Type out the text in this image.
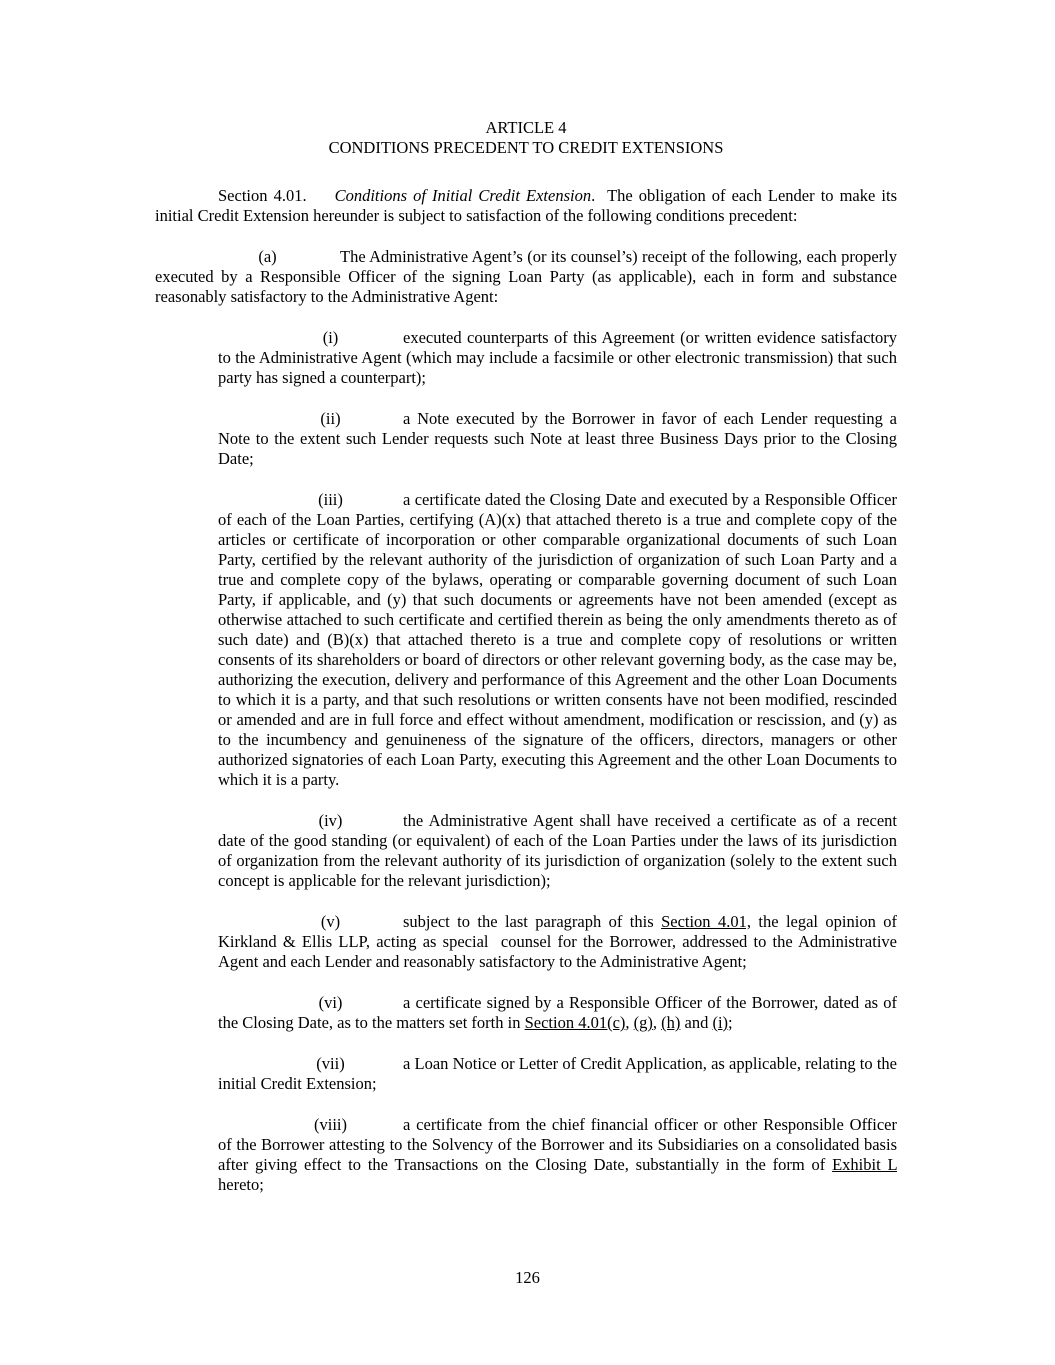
ARTICLE 4
CONDITIONS PRECEDENT TO CREDIT EXTENSIONS

Section 4.01. Conditions of Initial Credit Extension.  The obligation of each Lender to make its initial Credit Extension hereunder is subject to satisfaction of the following conditions precedent:

(a)	The Administrative Agent’s (or its counsel’s) receipt of the following, each properly executed by a Responsible Officer of the signing Loan Party (as applicable), each in form and substance reasonably satisfactory to the Administrative Agent:

(i)	executed counterparts of this Agreement (or written evidence satisfactory to the Administrative Agent (which may include a facsimile or other electronic transmission) that such party has signed a counterpart);

(ii)	a Note executed by the Borrower in favor of each Lender requesting a Note to the extent such Lender requests such Note at least three Business Days prior to the Closing Date;

(iii)	a certificate dated the Closing Date and executed by a Responsible Officer of each of the Loan Parties, certifying (A)(x) that attached thereto is a true and complete copy of the articles or certificate of incorporation or other comparable organizational documents of such Loan Party, certified by the relevant authority of the jurisdiction of organization of such Loan Party and a true and complete copy of the bylaws, operating or comparable governing document of such Loan Party, if applicable, and (y) that such documents or agreements have not been amended (except as otherwise attached to such certificate and certified therein as being the only amendments thereto as of such date) and (B)(x) that attached thereto is a true and complete copy of resolutions or written consents of its shareholders or board of directors or other relevant governing body, as the case may be, authorizing the execution, delivery and performance of this Agreement and the other Loan Documents to which it is a party, and that such resolutions or written consents have not been modified, rescinded or amended and are in full force and effect without amendment, modification or rescission, and (y) as to the incumbency and genuineness of the signature of the officers, directors, managers or other authorized signatories of each Loan Party, executing this Agreement and the other Loan Documents to which it is a party.

(iv)	the Administrative Agent shall have received a certificate as of a recent date of the good standing (or equivalent) of each of the Loan Parties under the laws of its jurisdiction of organization from the relevant authority of its jurisdiction of organization (solely to the extent such concept is applicable for the relevant jurisdiction);

(v)	subject to the last paragraph of this Section 4.01, the legal opinion of Kirkland & Ellis LLP, acting as special  counsel for the Borrower, addressed to the Administrative Agent and each Lender and reasonably satisfactory to the Administrative Agent;

(vi)	a certificate signed by a Responsible Officer of the Borrower, dated as of the Closing Date, as to the matters set forth in Section 4.01(c), (g), (h) and (i);

(vii)	a Loan Notice or Letter of Credit Application, as applicable, relating to the initial Credit Extension;

(viii)	a certificate from the chief financial officer or other Responsible Officer of the Borrower attesting to the Solvency of the Borrower and its Subsidiaries on a consolidated basis after giving effect to the Transactions on the Closing Date, substantially in the form of Exhibit L hereto;

126
